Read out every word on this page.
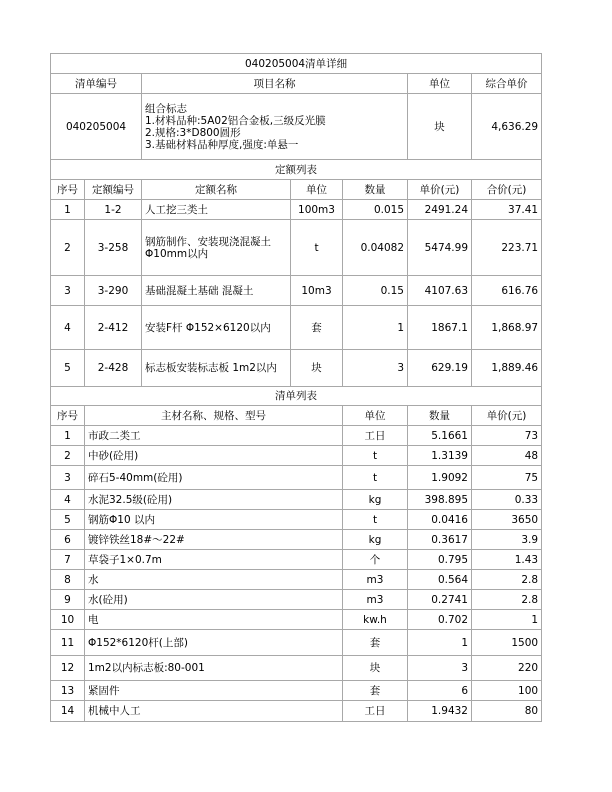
040205004清单详细							
清单编号		项目名称			单位	综合单价	
040205004		组合标志
1.材料品种:5A02铝合金板,三级反光膜
2.规格:3*D800圆形
3.基础材料品种厚度,强度:单悬一			块	4,636.29	
定额列表							
序号	定额编号	定额名称	单位	数量	单价(元)	合价(元)	
1	1-2	人工挖三类土	100m3	0.015	2491.24	37.41	
2	3-258	钢筋制作、安装现浇混凝土Φ10mm以内	t	0.04082	5474.99	223.71	
3	3-290	基础混凝土基础 混凝土	10m3	0.15	4107.63	616.76	
4	2-412	安装F杆 Φ152×6120以内	套	1	1867.1	1,868.97	
5	2-428	标志板安装标志板 1m2以内	块	3	629.19	1,889.46	
清单列表							
序号	主材名称、规格、型号			单位	数量	单价(元)	
1	市政二类工			工日	5.1661	73	
2	中砂(砼用)			t	1.3139	48	
3	碎石5-40mm(砼用)			t	1.9092	75	
4	水泥32.5级(砼用)			kg	398.895	0.33	
5	钢筋Φ10 以内			t	0.0416	3650	
6	镀锌铁丝18#～22#			kg	0.3617	3.9	
7	草袋子1×0.7m			个	0.795	1.43	
8	水			m3	0.564	2.8	
9	水(砼用)			m3	0.2741	2.8	
10	电			kw.h	0.702	1	
11	Φ152*6120杆(上部)			套	1	1500	
12	1m2以内标志板:80-001			块	3	220	
13	紧固件			套	6	100	
14	机械中人工			工日	1.9432	80	
